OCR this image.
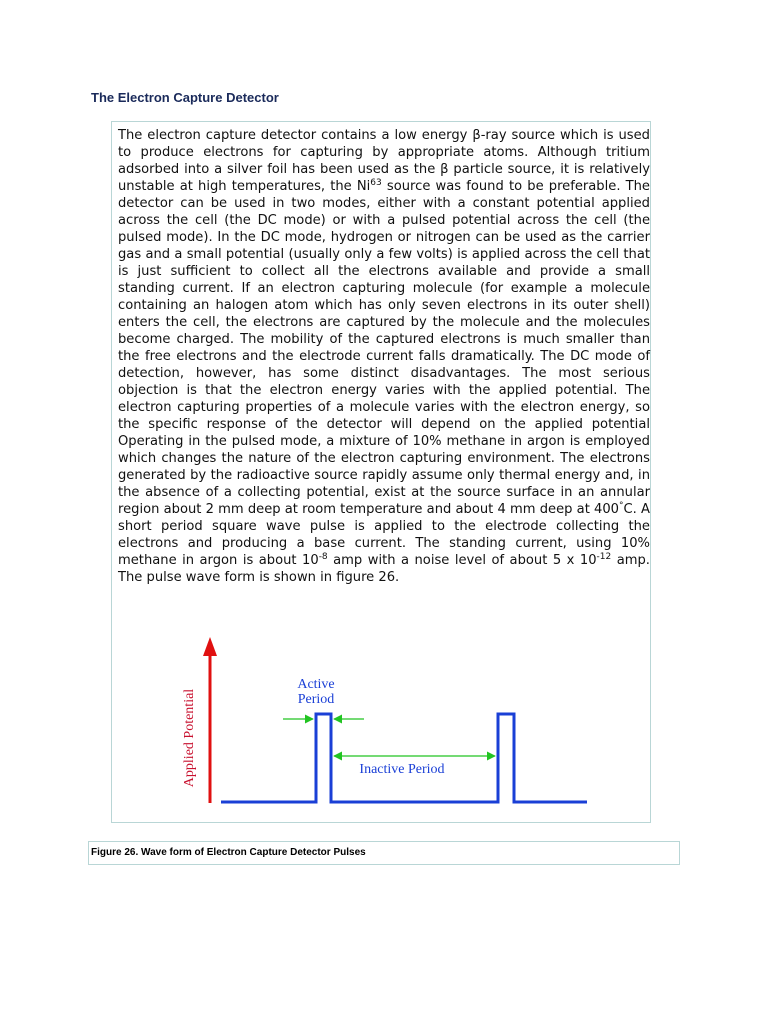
The Electron Capture Detector

The electron capture detector contains a low energy β-ray source which is used to produce electrons for capturing by appropriate atoms. Although tritium adsorbed into a silver foil has been used as the β particle source, it is relatively unstable at high temperatures, the Ni$^{63}$ source was found to be preferable. The detector can be used in two modes, either with a constant potential applied across the cell (the DC mode) or with a pulsed potential across the cell (the pulsed mode). In the DC mode, hydrogen or nitrogen can be used as the carrier gas and a small potential (usually only a few volts) is applied across the cell that is just sufficient to collect all the electrons available and provide a small standing current. If an electron capturing molecule (for example a molecule containing an halogen atom which has only seven electrons in its outer shell) enters the cell, the electrons are captured by the molecule and the molecules become charged. The mobility of the captured electrons is much smaller than the free electrons and the electrode current falls dramatically. The DC mode of detection, however, has some distinct disadvantages. The most serious objection is that the electron energy varies with the applied potential. The electron capturing properties of a molecule varies with the electron energy, so the specific response of the detector will depend on the applied potential Operating in the pulsed mode, a mixture of 10% methane in argon is employed which changes the nature of the electron capturing environment. The electrons generated by the radioactive source rapidly assume only thermal energy and, in the absence of a collecting potential, exist at the source surface in an annular region about 2 mm deep at room temperature and about 4 mm deep at 400°C. A short period square wave pulse is applied to the electrode collecting the electrons and producing a base current. The standing current, using 10% methane in argon is about $10^{-8}$ amp with a noise level of about 5 x $10^{-12}$ amp. The pulse wave form is shown in figure 26.

Applied Potential
Active
Period
Inactive Period
Figure 26. Wave form of Electron Capture Detector Pulses
